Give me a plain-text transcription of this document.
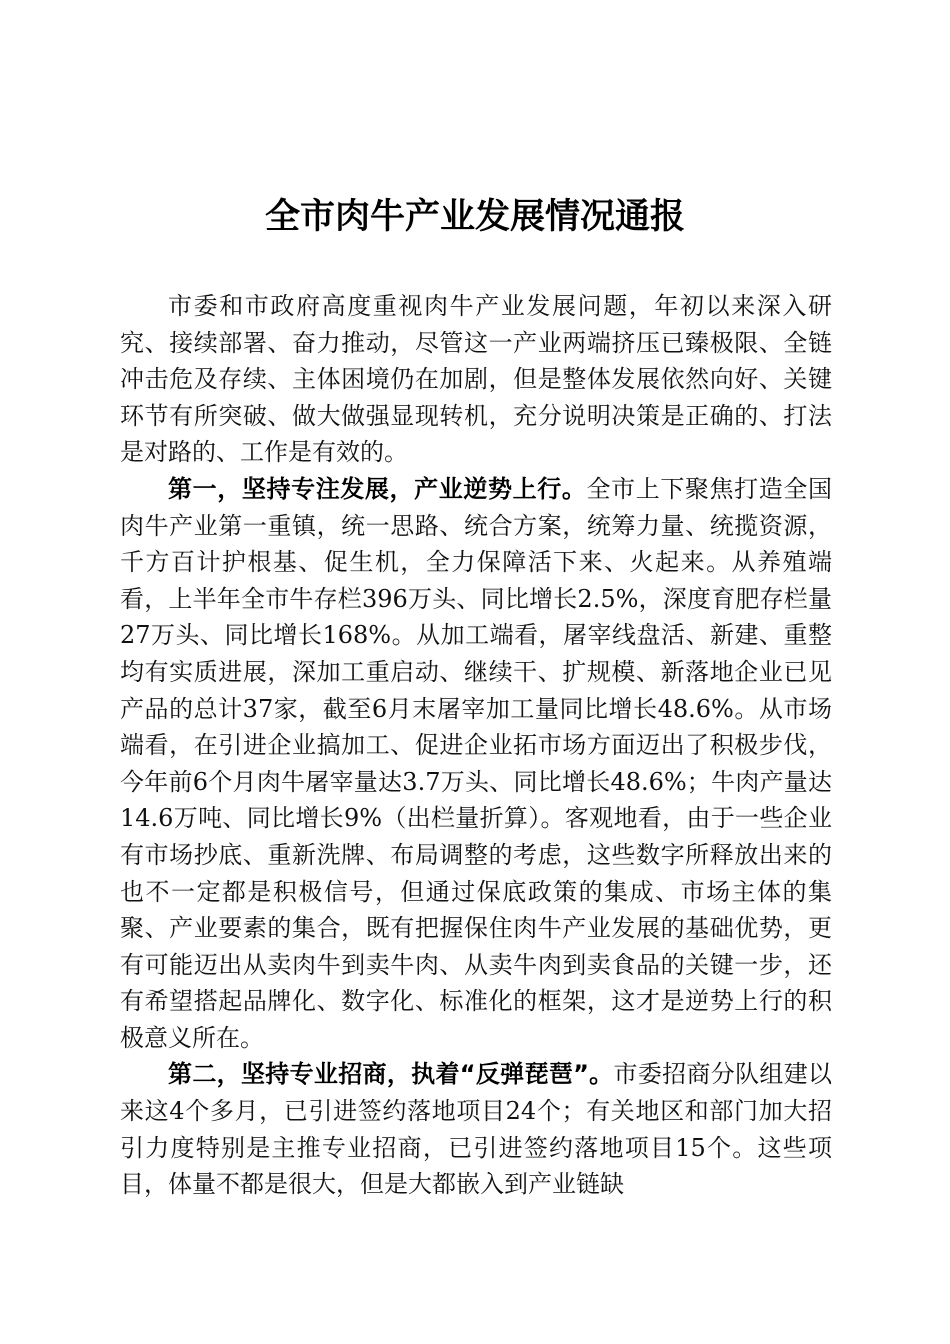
全市肉牛产业发展情况通报

市委和市政府高度重视肉牛产业发展问题，年初以来深入研究、接续部署、奋力推动，尽管这一产业两端挤压已臻极限、全链冲击危及存续、主体困境仍在加剧，但是整体发展依然向好、关键环节有所突破、做大做强显现转机，充分说明决策是正确的、打法是对路的、工作是有效的。

第一，坚持专注发展，产业逆势上行。全市上下聚焦打造全国肉牛产业第一重镇，统一思路、统合方案，统筹力量、统揽资源，千方百计护根基、促生机，全力保障活下来、火起来。从养殖端看，上半年全市牛存栏396万头、同比增长2.5%，深度育肥存栏量27万头、同比增长168%。从加工端看，屠宰线盘活、新建、重整均有实质进展，深加工重启动、继续干、扩规模、新落地企业已见产品的总计37家，截至6月末屠宰加工量同比增长48.6%。从市场端看，在引进企业搞加工、促进企业拓市场方面迈出了积极步伐，今年前6个月肉牛屠宰量达3.7万头、同比增长48.6%；牛肉产量达14.6万吨、同比增长9%（出栏量折算）。客观地看，由于一些企业有市场抄底、重新洗牌、布局调整的考虑，这些数字所释放出来的也不一定都是积极信号，但通过保底政策的集成、市场主体的集聚、产业要素的集合，既有把握保住肉牛产业发展的基础优势，更有可能迈出从卖肉牛到卖牛肉、从卖牛肉到卖食品的关键一步，还有希望搭起品牌化、数字化、标准化的框架，这才是逆势上行的积极意义所在。

第二，坚持专业招商，执着“反弹琵琶”。市委招商分队组建以来这4个多月，已引进签约落地项目24个；有关地区和部门加大招引力度特别是主推专业招商，已引进签约落地项目15个。这些项目，体量不都是很大，但是大都嵌入到产业链缺
